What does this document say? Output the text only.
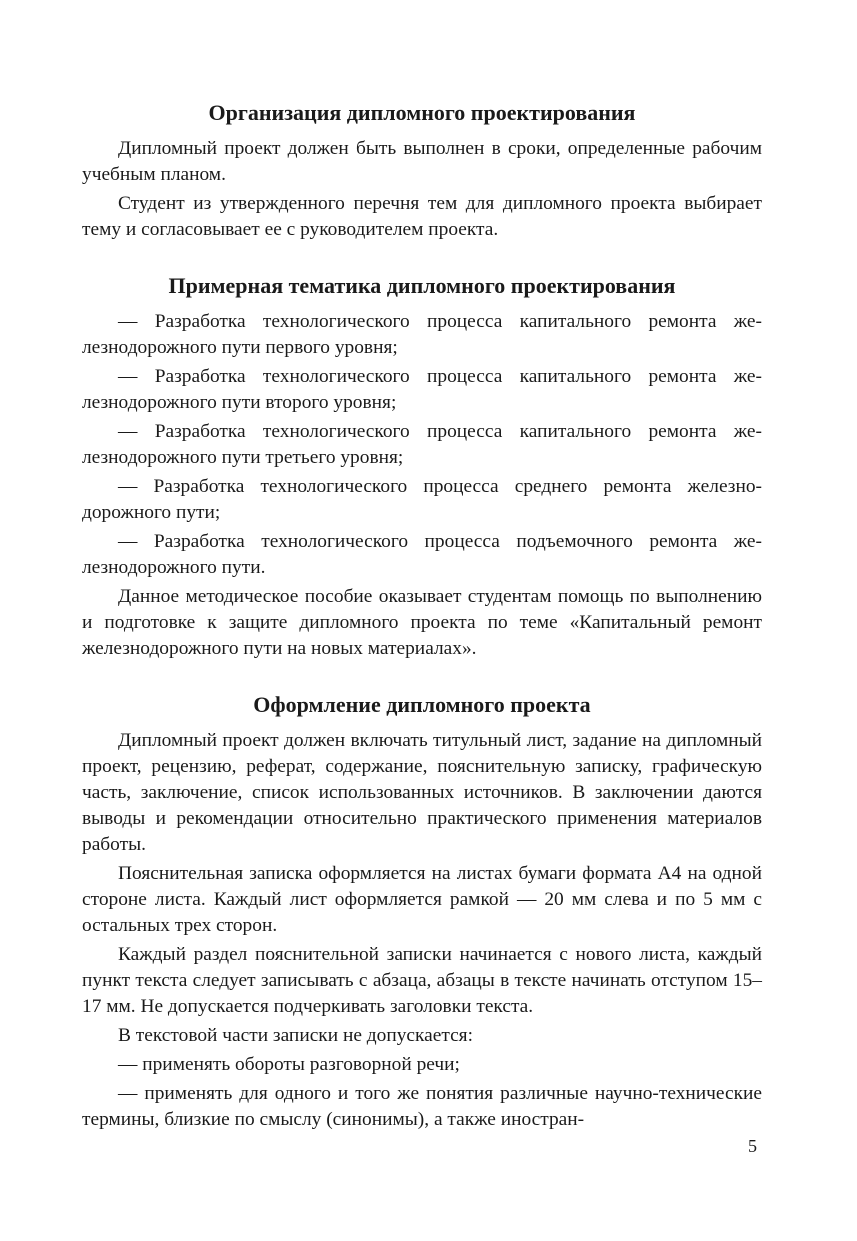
Организация дипломного проектирования

Дипломный проект должен быть выполнен в сроки, определенные рабочим учебным планом.

Студент из утвержденного перечня тем для дипломного проекта выбирает тему и согласовывает ее с руководителем проекта.

Примерная тематика дипломного проектирования

— Разработка технологического процесса капитального ремонта железнодорожного пути первого уровня;

— Разработка технологического процесса капитального ремонта железнодорожного пути второго уровня;

— Разработка технологического процесса капитального ремонта железнодорожного пути третьего уровня;

— Разработка технологического процесса среднего ремонта железнодорожного пути;

— Разработка технологического процесса подъемочного ремонта железнодорожного пути.

Данное методическое пособие оказывает студентам помощь по выполнению и подготовке к защите дипломного проекта по теме «Капитальный ремонт железнодорожного пути на новых материалах».

Оформление дипломного проекта

Дипломный проект должен включать титульный лист, задание на дипломный проект, рецензию, реферат, содержание, пояснительную записку, графическую часть, заключение, список использованных источников. В заключении даются выводы и рекомендации относительно практического применения материалов работы.

Пояснительная записка оформляется на листах бумаги формата А4 на одной стороне листа. Каждый лист оформляется рамкой — 20 мм слева и по 5 мм с остальных трех сторон.

Каждый раздел пояснительной записки начинается с нового листа, каждый пункт текста следует записывать с абзаца, абзацы в тексте начинать отступом 15–17 мм. Не допускается подчеркивать заголовки текста.

В текстовой части записки не допускается:

— применять обороты разговорной речи;

— применять для одного и того же понятия различные научно-технические термины, близкие по смыслу (синонимы), а также иностран-

5
